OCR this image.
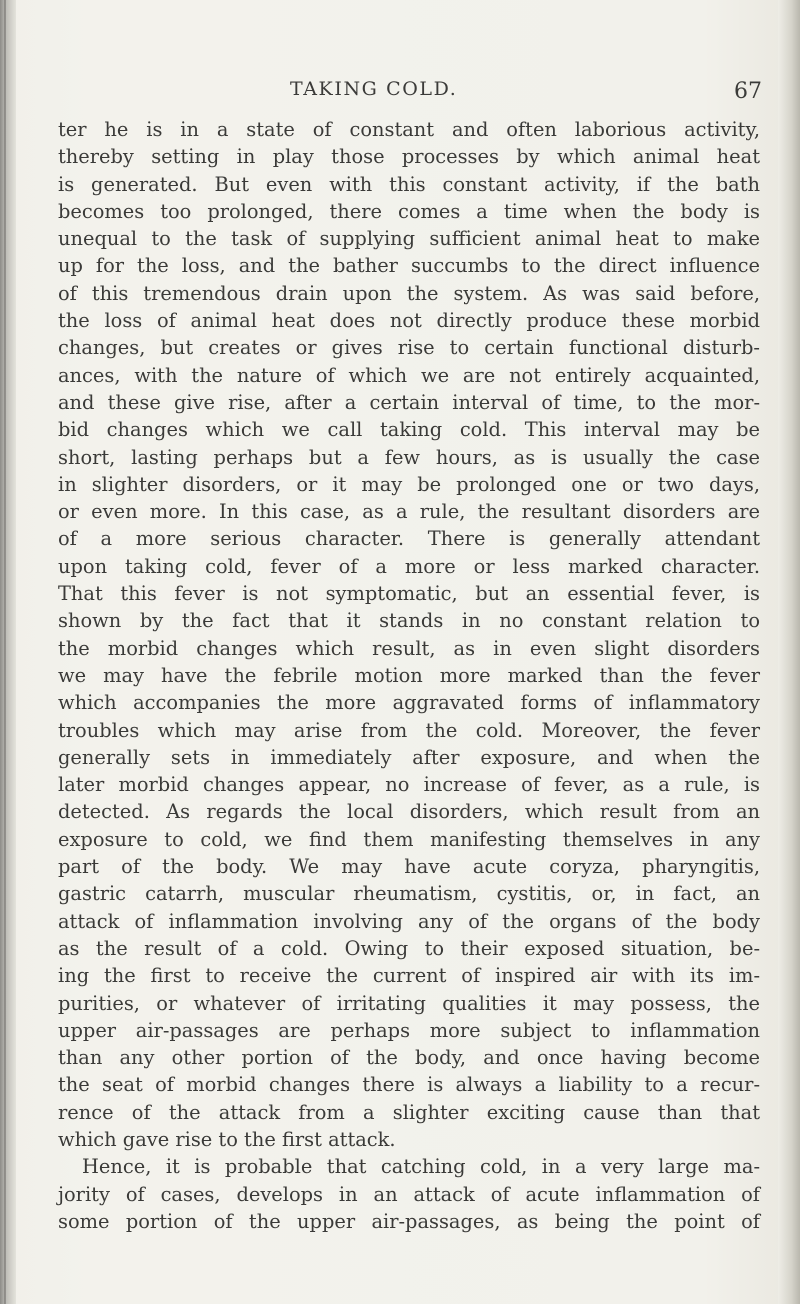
TAKING COLD.	67
ter he is in a state of constant and often laborious activity,
thereby setting in play those processes by which animal heat
is generated. But even with this constant activity, if the bath
becomes too prolonged, there comes a time when the body is
unequal to the task of supplying sufficient animal heat to make
up for the loss, and the bather succumbs to the direct influence
of this tremendous drain upon the system. As was said before,
the loss of animal heat does not directly produce these morbid
changes, but creates or gives rise to certain functional disturb-
ances, with the nature of which we are not entirely acquainted,
and these give rise, after a certain interval of time, to the mor-
bid changes which we call taking cold. This interval may be
short, lasting perhaps but a few hours, as is usually the case
in slighter disorders, or it may be prolonged one or two days,
or even more. In this case, as a rule, the resultant disorders are
of a more serious character. There is generally attendant
upon taking cold, fever of a more or less marked character.
That this fever is not symptomatic, but an essential fever, is
shown by the fact that it stands in no constant relation to
the morbid changes which result, as in even slight disorders
we may have the febrile motion more marked than the fever
which accompanies the more aggravated forms of inflammatory
troubles which may arise from the cold. Moreover, the fever
generally sets in immediately after exposure, and when the
later morbid changes appear, no increase of fever, as a rule, is
detected. As regards the local disorders, which result from an
exposure to cold, we find them manifesting themselves in any
part of the body. We may have acute coryza, pharyngitis,
gastric catarrh, muscular rheumatism, cystitis, or, in fact, an
attack of inflammation involving any of the organs of the body
as the result of a cold. Owing to their exposed situation, be-
ing the first to receive the current of inspired air with its im-
purities, or whatever of irritating qualities it may possess, the
upper air-passages are perhaps more subject to inflammation
than any other portion of the body, and once having become
the seat of morbid changes there is always a liability to a recur-
rence of the attack from a slighter exciting cause than that
which gave rise to the first attack.
Hence, it is probable that catching cold, in a very large ma-
jority of cases, develops in an attack of acute inflammation of
some portion of the upper air-passages, as being the point of
